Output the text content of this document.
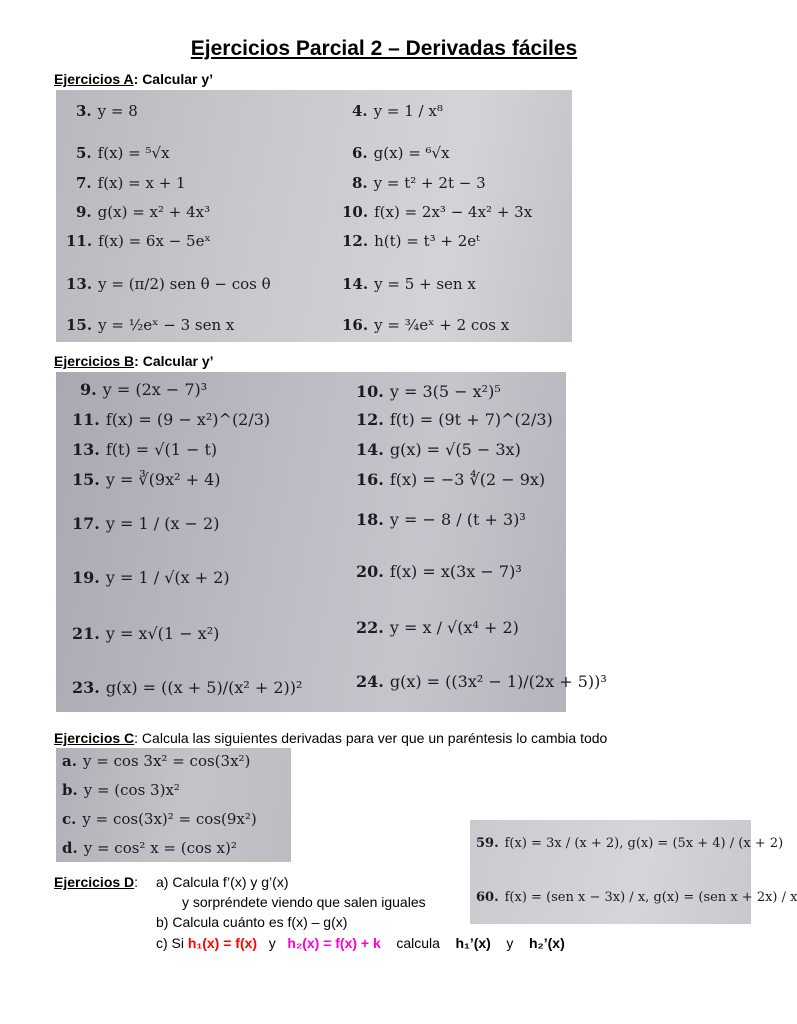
Ejercicios Parcial 2 – Derivadas fáciles
Ejercicios A: Calcular y’
3. y = 8	4. y = 1 / x⁸
5. f(x) = ⁵√x	6. g(x) = ⁶√x
7. f(x) = x + 1	8. y = t² + 2t − 3
9. g(x) = x² + 4x³	10. f(x) = 2x³ − 4x² + 3x
11. f(x) = 6x − 5eˣ	12. h(t) = t³ + 2eᵗ
13. y = (π/2) sen θ − cos θ	14. y = 5 + sen x
15. y = ½eˣ − 3 sen x	16. y = ¾eˣ + 2 cos x
Ejercicios B: Calcular y’
9. y = (2x − 7)³	10. y = 3(5 − x²)⁵
11. f(x) = (9 − x²)^(2/3)	12. f(t) = (9t + 7)^(2/3)
13. f(t) = √(1 − t)	14. g(x) = √(5 − 3x)
15. y = ∛(9x² + 4)	16. f(x) = −3 ∜(2 − 9x)
17. y = 1 / (x − 2)	18. y = − 8 / (t + 3)³
19. y = 1 / √(x + 2)	20. f(x) = x(3x − 7)³
21. y = x√(1 − x²)	22. y = x / √(x⁴ + 2)
23. g(x) = ((x + 5)/(x² + 2))²	24. g(x) = ((3x² − 1)/(2x + 5))³
Ejercicios C: Calcula las siguientes derivadas para ver que un paréntesis lo cambia todo
a. y = cos 3x² = cos(3x²)
b. y = (cos 3)x²
c. y = cos(3x)² = cos(9x²)
d. y = cos² x = (cos x)²	59. f(x) = 3x / (x + 2), g(x) = (5x + 4) / (x + 2)
60. f(x) = (sen x − 3x) / x, g(x) = (sen x + 2x) / x
Ejercicios D: a) Calcula f’(x) y g’(x)
y sorpréndete viendo que salen iguales
b) Calcula cuánto es f(x) – g(x)
c) Si h₁(x) = f(x) y h₂(x) = f(x) + k calcula h₁’(x) y h₂’(x)
